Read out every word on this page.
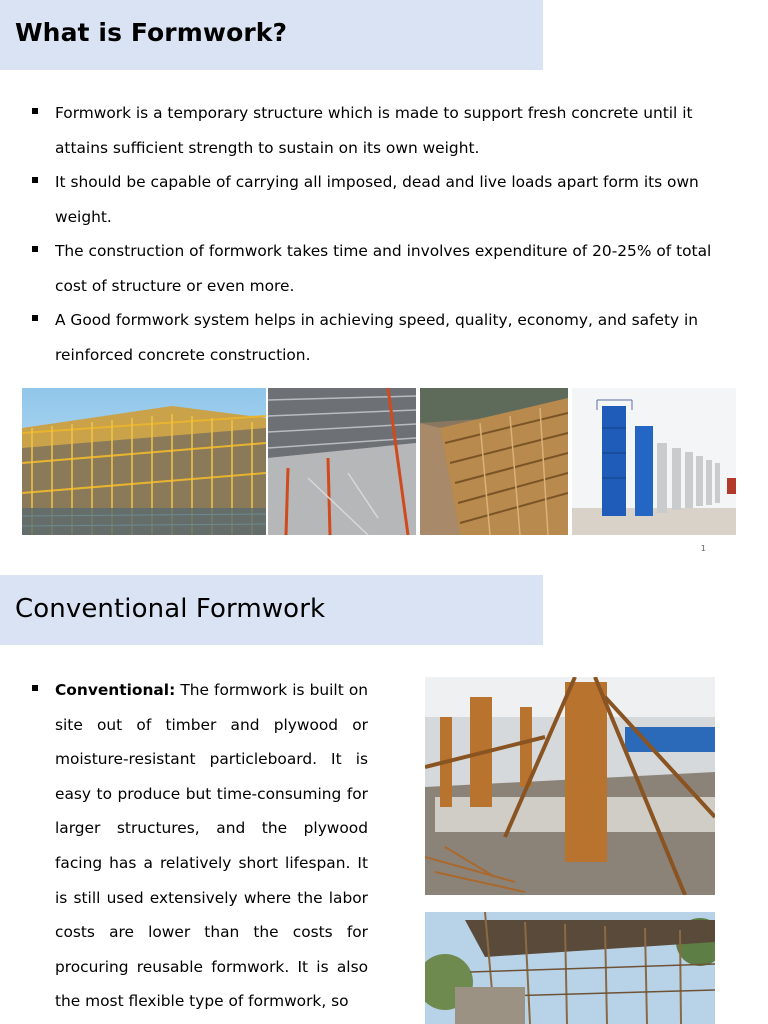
What is Formwork?
Formwork is a temporary structure which is made to support fresh concrete until it attains sufficient strength to sustain on its own weight.
It should be capable of carrying all imposed, dead and live loads apart form its own weight.
The construction of formwork takes time and involves expenditure of 20-25% of total cost of structure or even more.
A Good formwork system helps in achieving speed, quality, economy, and safety in reinforced concrete construction.
1
Conventional Formwork

Conventional: The formwork is built on site out of timber and plywood or moisture-resistant particleboard. It is easy to produce but time-consuming for larger structures, and the plywood facing has a relatively short lifespan. It is still used extensively where the labor costs are lower than the costs for procuring reusable formwork. It is also the most flexible type of formwork, so
